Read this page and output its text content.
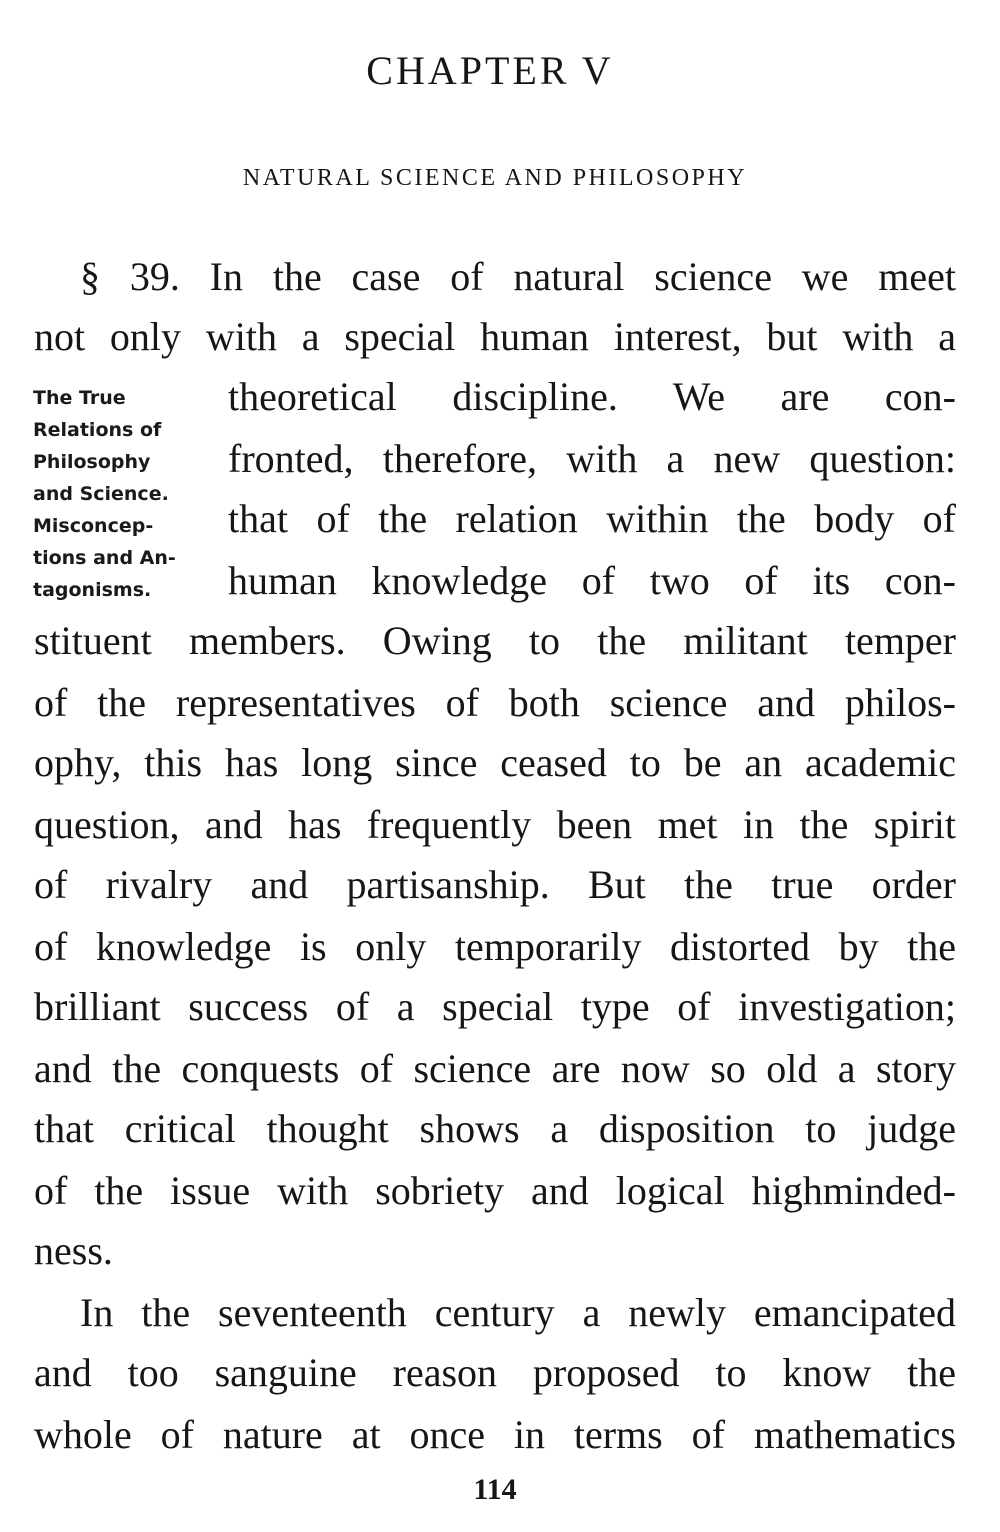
CHAPTER V
NATURAL SCIENCE AND PHILOSOPHY
The True
Relations of
Philosophy
and Science.
Misconcep-
tions and An-
tagonisms.
§ 39. In the case of natural science we meet
not only with a special human interest, but with a
theoretical discipline. We are con-
fronted, therefore, with a new question:
that of the relation within the body of
human knowledge of two of its con-
stituent members. Owing to the militant temper
of the representatives of both science and philos-
ophy, this has long since ceased to be an academic
question, and has frequently been met in the spirit
of rivalry and partisanship. But the true order
of knowledge is only temporarily distorted by the
brilliant success of a special type of investigation;
and the conquests of science are now so old a story
that critical thought shows a disposition to judge
of the issue with sobriety and logical highminded-
ness.
In the seventeenth century a newly emancipated
and too sanguine reason proposed to know the
whole of nature at once in terms of mathematics
114
